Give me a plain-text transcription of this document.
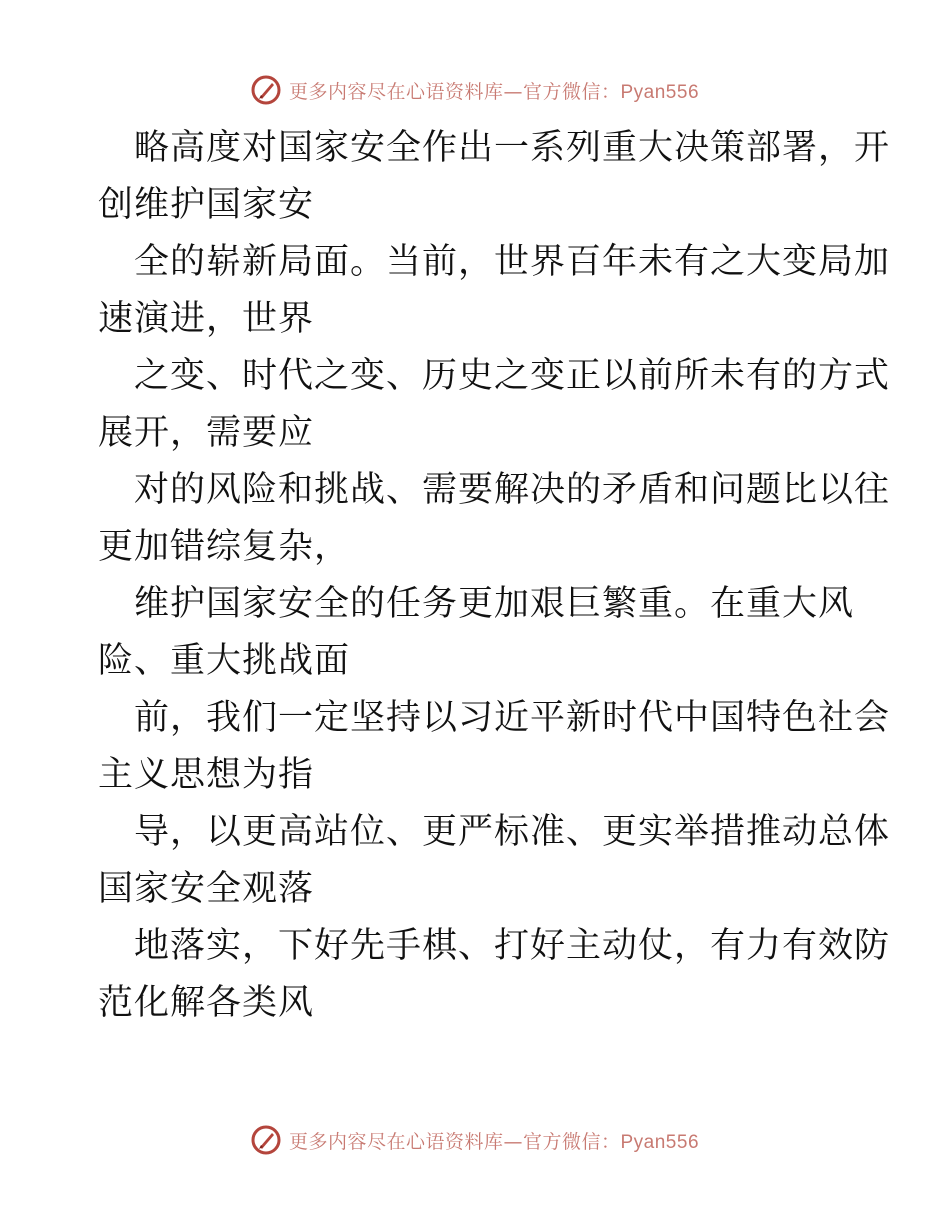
更多内容尽在心语资料库—官方微信：Pyan556

略高度对国家安全作出一系列重大决策部署，开
创维护国家安

全的崭新局面。当前，世界百年未有之大变局加
速演进，世界

之变、时代之变、历史之变正以前所未有的方式
展开，需要应

对的风险和挑战、需要解决的矛盾和问题比以往
更加错综复杂，

维护国家安全的任务更加艰巨繁重。在重大风
险、重大挑战面

前，我们一定坚持以习近平新时代中国特色社会
主义思想为指

导，以更高站位、更严标准、更实举措推动总体
国家安全观落

地落实，下好先手棋、打好主动仗，有力有效防
范化解各类风

更多内容尽在心语资料库—官方微信：Pyan556
